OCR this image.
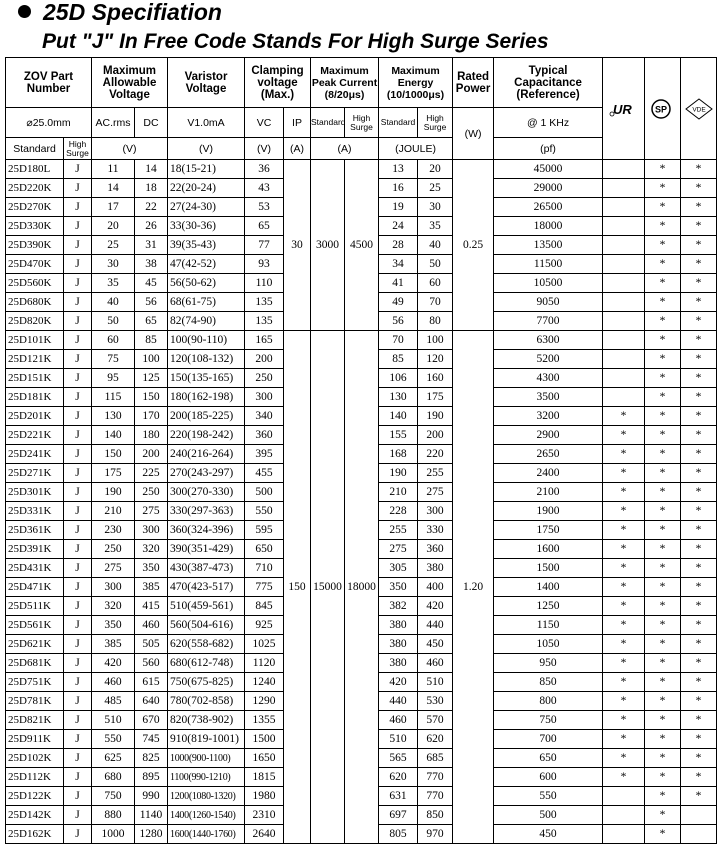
25D Specifiation
Put "J" In Free Code Stands For High Surge Series
ZOV Part Number		Maximum Allowable Voltage		Varistor Voltage	Clamping voltage (Max.)		Maximum Peak Current (8/20μs)		Maximum Energy (10/1000μs)		Rated Power	Typical Capacitance (Reference)	UR	SP	VDE

⌀25.0mm		AC.rms	DC	V1.0mA	VC	IP	Standard	High Surge	Standard	High Surge	(W)	@ 1 KHz			
Standard	High Surge	(V)		(V)	(V)	(A)	(A)		(JOULE)			(pf)			
25D180L	J	11	14	18(15-21)	36	30	3000	4500	13	20	0.25	45000		*	*
25D220K	J	14	18	22(20-24)	43				16	25		29000		*	*
25D270K	J	17	22	27(24-30)	53				19	30		26500		*	*
25D330K	J	20	26	33(30-36)	65				24	35		18000		*	*
25D390K	J	25	31	39(35-43)	77				28	40		13500		*	*
25D470K	J	30	38	47(42-52)	93				34	50		11500		*	*
25D560K	J	35	45	56(50-62)	110				41	60		10500		*	*
25D680K	J	40	56	68(61-75)	135				49	70		9050		*	*
25D820K	J	50	65	82(74-90)	135				56	80		7700		*	*
25D101K	J	60	85	100(90-110)	165	150	15000	18000	70	100	1.20	6300		*	*
25D121K	J	75	100	120(108-132)	200				85	120		5200		*	*
25D151K	J	95	125	150(135-165)	250				106	160		4300		*	*
25D181K	J	115	150	180(162-198)	300				130	175		3500		*	*
25D201K	J	130	170	200(185-225)	340				140	190		3200	*	*	*
25D221K	J	140	180	220(198-242)	360				155	200		2900	*	*	*
25D241K	J	150	200	240(216-264)	395				168	220		2650	*	*	*
25D271K	J	175	225	270(243-297)	455				190	255		2400	*	*	*
25D301K	J	190	250	300(270-330)	500				210	275		2100	*	*	*
25D331K	J	210	275	330(297-363)	550				228	300		1900	*	*	*
25D361K	J	230	300	360(324-396)	595				255	330		1750	*	*	*
25D391K	J	250	320	390(351-429)	650				275	360		1600	*	*	*
25D431K	J	275	350	430(387-473)	710				305	380		1500	*	*	*
25D471K	J	300	385	470(423-517)	775				350	400		1400	*	*	*
25D511K	J	320	415	510(459-561)	845				382	420		1250	*	*	*
25D561K	J	350	460	560(504-616)	925				380	440		1150	*	*	*
25D621K	J	385	505	620(558-682)	1025				380	450		1050	*	*	*
25D681K	J	420	560	680(612-748)	1120				380	460		950	*	*	*
25D751K	J	460	615	750(675-825)	1240				420	510		850	*	*	*
25D781K	J	485	640	780(702-858)	1290				440	530		800	*	*	*
25D821K	J	510	670	820(738-902)	1355				460	570		750	*	*	*
25D911K	J	550	745	910(819-1001)	1500				510	620		700	*	*	*
25D102K	J	625	825	1000(900-1100)	1650				565	685		650	*	*	*
25D112K	J	680	895	1100(990-1210)	1815				620	770		600	*	*	*
25D122K	J	750	990	1200(1080-1320)	1980				631	770		550		*	*
25D142K	J	880	1140	1400(1260-1540)	2310				697	850		500		*	
25D162K	J	1000	1280	1600(1440-1760)	2640				805	970		450		*	
